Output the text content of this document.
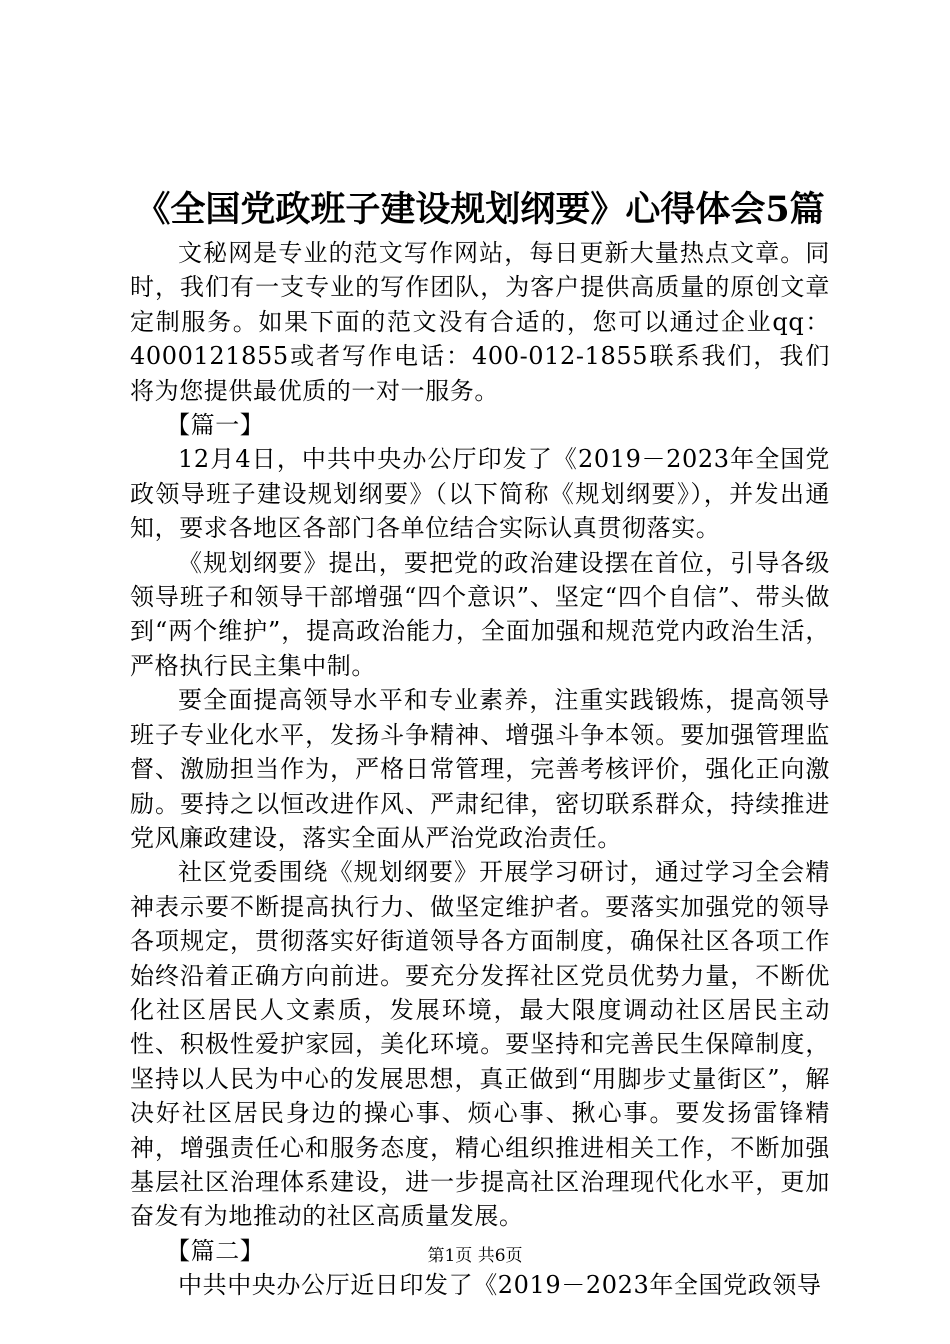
《全国党政班子建设规划纲要》心得体会5篇

文秘网是专业的范文写作网站，每日更新大量热点文章。同时，我们有一支专业的写作团队，为客户提供高质量的原创文章定制服务。如果下面的范文没有合适的，您可以通过企业qq：4000121855或者写作电话：400-012-1855联系我们，我们将为您提供最优质的一对一服务。

【篇一】

12月4日，中共中央办公厅印发了《2019－2023年全国党政领导班子建设规划纲要》（以下简称《规划纲要》），并发出通知，要求各地区各部门各单位结合实际认真贯彻落实。

《规划纲要》提出，要把党的政治建设摆在首位，引导各级领导班子和领导干部增强“四个意识”、坚定“四个自信”、带头做到“两个维护”，提高政治能力，全面加强和规范党内政治生活，严格执行民主集中制。

要全面提高领导水平和专业素养，注重实践锻炼，提高领导班子专业化水平，发扬斗争精神、增强斗争本领。要加强管理监督、激励担当作为，严格日常管理，完善考核评价，强化正向激励。要持之以恒改进作风、严肃纪律，密切联系群众，持续推进党风廉政建设，落实全面从严治党政治责任。

社区党委围绕《规划纲要》开展学习研讨，通过学习全会精神表示要不断提高执行力、做坚定维护者。要落实加强党的领导各项规定，贯彻落实好街道领导各方面制度，确保社区各项工作始终沿着正确方向前进。要充分发挥社区党员优势力量，不断优化社区居民人文素质，发展环境，最大限度调动社区居民主动性、积极性爱护家园，美化环境。要坚持和完善民生保障制度，坚持以人民为中心的发展思想，真正做到“用脚步丈量街区”，解决好社区居民身边的操心事、烦心事、揪心事。要发扬雷锋精神，增强责任心和服务态度，精心组织推进相关工作，不断加强基层社区治理体系建设，进一步提高社区治理现代化水平，更加奋发有为地推动的社区高质量发展。

【篇二】

中共中央办公厅近日印发了《2019－2023年全国党政领导

第1页 共6页
